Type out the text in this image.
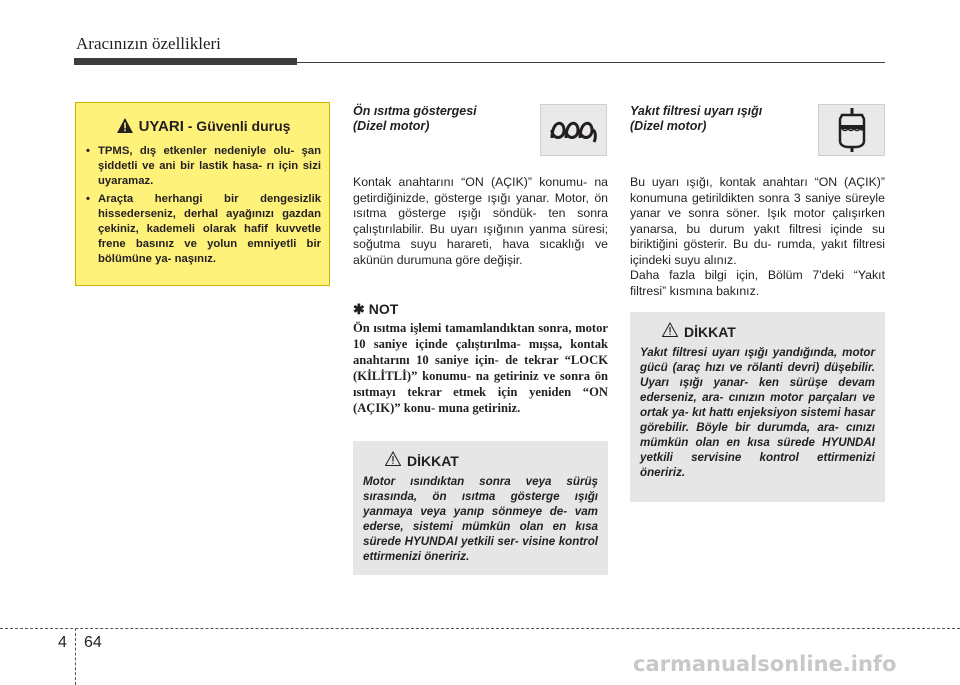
Aracınızın özellikleri
UYARI - Güvenli duruş
• TPMS, dış etkenler nedeniyle olu- şan şiddetli ve ani bir lastik hasa- rı için sizi uyaramaz.
• Araçta herhangi bir dengesizlik hissederseniz, derhal ayağınızı gazdan çekiniz, kademeli olarak hafif kuvvetle frene basınız ve yolun emniyetli bir bölümüne ya- naşınız.
Ön ısıtma göstergesi
(Dizel motor)

Kontak anahtarını “ON (AÇIK)” konumu- na getirdiğinizde, gösterge ışığı yanar. Motor, ön ısıtma gösterge ışığı söndük- ten sonra çalıştırılabilir. Bu uyarı ışığının yanma süresi; soğutma suyu harareti, hava sıcaklığı ve akünün durumuna göre değişir.

✱ NOT

Ön ısıtma işlemi tamamlandıktan sonra, motor 10 saniye içinde çalıştırılma- mışsa, kontak anahtarını 10 saniye için- de tekrar “LOCK (KİLİTLİ)” konumu- na getiriniz ve sonra ön ısıtmayı tekrar etmek için yeniden “ON (AÇIK)” konu- muna getiriniz.

DİKKAT

Motor ısındıktan sonra veya sürüş sırasında, ön ısıtma gösterge ışığı yanmaya veya yanıp sönmeye de- vam ederse, sistemi mümkün olan en kısa sürede HYUNDAI yetkili ser- visine kontrol ettirmenizi öneririz.

Yakıt filtresi uyarı ışığı
(Dizel motor)

Bu uyarı ışığı, kontak anahtarı “ON (AÇIK)” konumuna getirildikten sonra 3 saniye süreyle yanar ve sonra söner. Işık motor çalışırken yanarsa, bu durum yakıt filtresi içinde su biriktiğini gösterir. Bu du- rumda, yakıt filtresi içindeki suyu alınız.

Daha fazla bilgi için, Bölüm 7'deki “Yakıt filtresi” kısmına bakınız.

DİKKAT

Yakıt filtresi uyarı ışığı yandığında, motor gücü (araç hızı ve rölanti devri) düşebilir. Uyarı ışığı yanar- ken sürüşe devam ederseniz, ara- cınızın motor parçaları ve ortak ya- kıt hattı enjeksiyon sistemi hasar görebilir. Böyle bir durumda, ara- cınızı mümkün olan en kısa sürede HYUNDAI yetkili servisine kontrol ettirmenizi öneririz.

4 64
carmanualsonline.info
